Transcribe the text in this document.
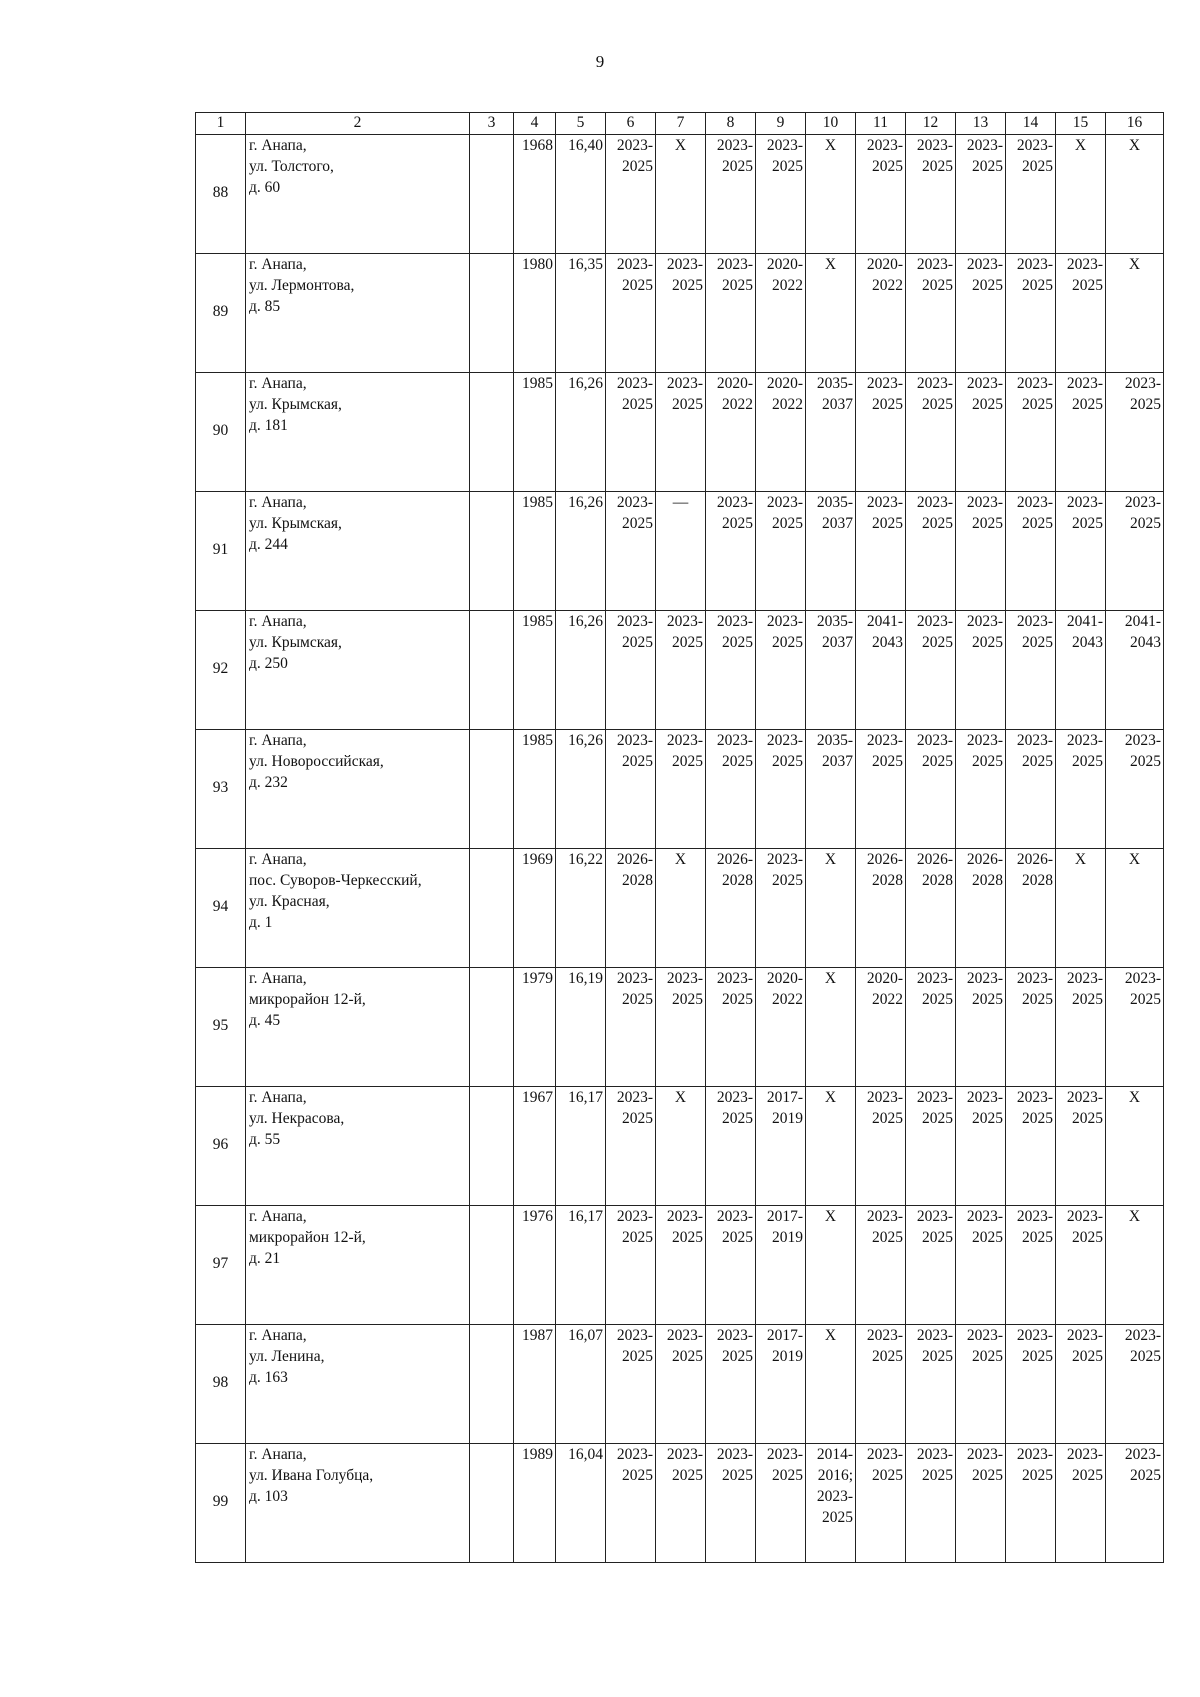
9
1	2	3	4	5	6	7	8	9	10	11	12	13	14	15	16
88	г. Анапа,
ул. Толстого,
д. 60		1968	16,40	2023-
2025	X	2023-
2025	2023-
2025	X	2023-
2025	2023-
2025	2023-
2025	2023-
2025	X	X

89	г. Анапа,
ул. Лермонтова,
д. 85		1980	16,35	2023-
2025	2023-
2025	2023-
2025	2020-
2022	X	2020-
2022	2023-
2025	2023-
2025	2023-
2025	2023-
2025	X

90	г. Анапа,
ул. Крымская,
д. 181		1985	16,26	2023-
2025	2023-
2025	2020-
2022	2020-
2022	2035-
2037	2023-
2025	2023-
2025	2023-
2025	2023-
2025	2023-
2025	2023-
2025

91	г. Анапа,
ул. Крымская,
д. 244		1985	16,26	2023-
2025	—	2023-
2025	2023-
2025	2035-
2037	2023-
2025	2023-
2025	2023-
2025	2023-
2025	2023-
2025	2023-
2025

92	г. Анапа,
ул. Крымская,
д. 250		1985	16,26	2023-
2025	2023-
2025	2023-
2025	2023-
2025	2035-
2037	2041-
2043	2023-
2025	2023-
2025	2023-
2025	2041-
2043	2041-
2043

93	г. Анапа,
ул. Новороссийская,
д. 232		1985	16,26	2023-
2025	2023-
2025	2023-
2025	2023-
2025	2035-
2037	2023-
2025	2023-
2025	2023-
2025	2023-
2025	2023-
2025	2023-
2025

94	г. Анапа,
пос. Суворов-Черкесский,
ул. Красная,
д. 1		1969	16,22	2026-
2028	X	2026-
2028	2023-
2025	X	2026-
2028	2026-
2028	2026-
2028	2026-
2028	X	X

95	г. Анапа,
микрорайон 12-й,
д. 45		1979	16,19	2023-
2025	2023-
2025	2023-
2025	2020-
2022	X	2020-
2022	2023-
2025	2023-
2025	2023-
2025	2023-
2025	2023-
2025

96	г. Анапа,
ул. Некрасова,
д. 55		1967	16,17	2023-
2025	X	2023-
2025	2017-
2019	X	2023-
2025	2023-
2025	2023-
2025	2023-
2025	2023-
2025	X

97	г. Анапа,
микрорайон 12-й,
д. 21		1976	16,17	2023-
2025	2023-
2025	2023-
2025	2017-
2019	X	2023-
2025	2023-
2025	2023-
2025	2023-
2025	2023-
2025	X

98	г. Анапа,
ул. Ленина,
д. 163		1987	16,07	2023-
2025	2023-
2025	2023-
2025	2017-
2019	X	2023-
2025	2023-
2025	2023-
2025	2023-
2025	2023-
2025	2023-
2025

99	г. Анапа,
ул. Ивана Голубца,
д. 103		1989	16,04	2023-
2025	2023-
2025	2023-
2025	2023-
2025	2014-
2016;
2023-
2025	2023-
2025	2023-
2025	2023-
2025	2023-
2025	2023-
2025	2023-
2025
